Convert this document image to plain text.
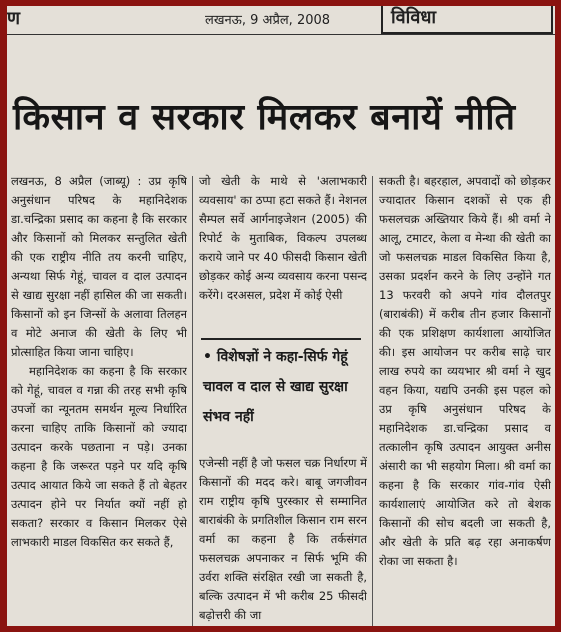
ण	लखनऊ, 9 अप्रैल, 2008	विविधा
किसान व सरकार मिलकर बनायें नीति

लखनऊ, 8 अप्रैल (जाब्यू) : उप्र कृषि अनुसंधान परिषद के महानिदेशक डा.चन्द्रिका प्रसाद का कहना है कि सरकार और किसानों को मिलकर सन्तुलित खेती की एक राष्ट्रीय नीति तय करनी चाहिए, अन्यथा सिर्फ गेहूं, चावल व दाल उत्पादन से खाद्य सुरक्षा नहीं हासिल की जा सकती। किसानों को इन जिन्सों के अलावा तिलहन व मोटे अनाज की खेती के लिए भी प्रोत्साहित किया जाना चाहिए।

महानिदेशक का कहना है कि सरकार को गेहूं, चावल व गन्ना की तरह सभी कृषि उपजों का न्यूनतम समर्थन मूल्य निर्धारित करना चाहिए ताकि किसानों को ज्यादा उत्पादन करके पछताना न पड़े। उनका कहना है कि जरूरत पड़ने पर यदि कृषि उत्पाद आयात किये जा सकते हैं तो बेहतर उत्पादन होने पर निर्यात क्यों नहीं हो सकता? सरकार व किसान मिलकर ऐसे लाभकारी माडल विकसित कर सकते हैं,

जो खेती के माथे से 'अलाभकारी व्यवसाय' का ठप्पा हटा सकते हैं। नेशनल सैम्पल सर्वे आर्गनाइजेशन (2005) की रिपोर्ट के मुताबिक, विकल्प उपलब्ध कराये जाने पर 40 फीसदी किसान खेती छोड़कर कोई अन्य व्यवसाय करना पसन्द करेंगे। दरअसल, प्रदेश में कोई ऐसी

• विशेषज्ञों ने कहा-सिर्फ गेहूं चावल व दाल से खाद्य सुरक्षा संभव नहीं

एजेन्सी नहीं है जो फसल चक्र निर्धारण में किसानों की मदद करे। बाबू जगजीवन राम राष्ट्रीय कृषि पुरस्कार से सम्मानित बाराबंकी के प्रगतिशील किसान राम सरन वर्मा का कहना है कि तर्कसंगत फसलचक्र अपनाकर न सिर्फ भूमि की उर्वरा शक्ति संरक्षित रखी जा सकती है, बल्कि उत्पादन में भी करीब 25 फीसदी बढ़ोत्तरी की जा

सकती है। बहरहाल, अपवादों को छोड़कर ज्यादातर किसान दशकों से एक ही फसलचक्र अख्तियार किये हैं। श्री वर्मा ने आलू, टमाटर, केला व मेन्था की खेती का जो फसलचक्र माडल विकसित किया है, उसका प्रदर्शन करने के लिए उन्होंने गत 13 फरवरी को अपने गांव दौलतपुर (बाराबंकी) में करीब तीन हजार किसानों की एक प्रशिक्षण कार्यशाला आयोजित की। इस आयोजन पर करीब साढ़े चार लाख रुपये का व्ययभार श्री वर्मा ने खुद वहन किया, यद्यपि उनकी इस पहल को उप्र कृषि अनुसंधान परिषद के महानिदेशक डा.चन्द्रिका प्रसाद व तत्कालीन कृषि उत्पादन आयुक्त अनीस अंसारी का भी सहयोग मिला। श्री वर्मा का कहना है कि सरकार गांव-गांव ऐसी कार्यशालाएं आयोजित करे तो बेशक किसानों की सोच बदली जा सकती है, और खेती के प्रति बढ़ रहा अनाकर्षण रोका जा सकता है।
